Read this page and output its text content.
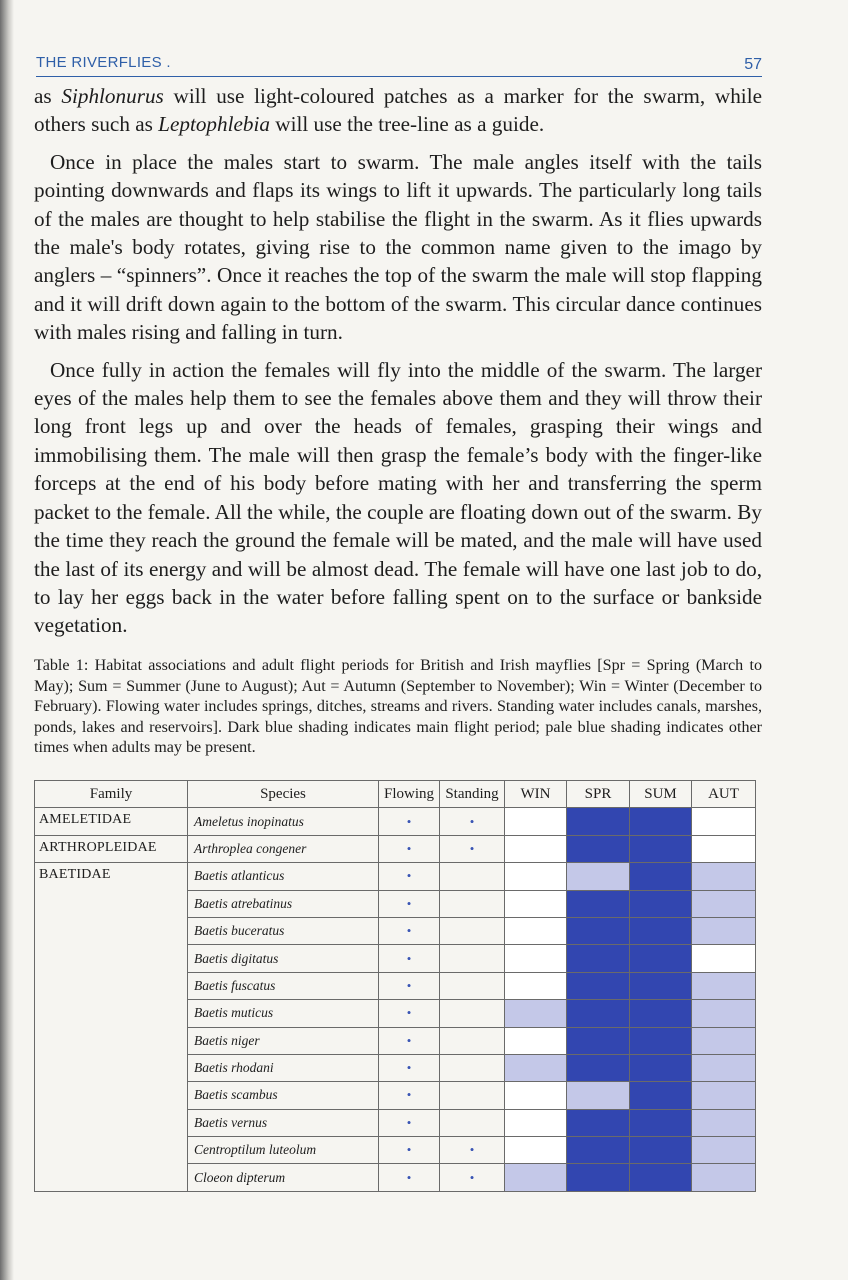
THE RIVERFLIES .	57

as Siphlonurus will use light-coloured patches as a marker for the swarm, while others such as Leptophlebia will use the tree-line as a guide.

Once in place the males start to swarm. The male angles itself with the tails pointing downwards and flaps its wings to lift it upwards. The particularly long tails of the males are thought to help stabilise the flight in the swarm. As it flies upwards the male's body rotates, giving rise to the common name given to the imago by anglers – “spinners”. Once it reaches the top of the swarm the male will stop flapping and it will drift down again to the bottom of the swarm. This circular dance continues with males rising and falling in turn.

Once fully in action the females will fly into the middle of the swarm. The larger eyes of the males help them to see the females above them and they will throw their long front legs up and over the heads of females, grasping their wings and immobilising them. The male will then grasp the female’s body with the finger-like forceps at the end of his body before mating with her and transferring the sperm packet to the female. All the while, the couple are floating down out of the swarm. By the time they reach the ground the female will be mated, and the male will have used the last of its energy and will be almost dead. The female will have one last job to do, to lay her eggs back in the water before falling spent on to the surface or bankside vegetation.

Table 1: Habitat associations and adult flight periods for British and Irish mayflies [Spr = Spring (March to May); Sum = Summer (June to August); Aut = Autumn (September to November); Win = Winter (December to February). Flowing water includes springs, ditches, streams and rivers. Standing water includes canals, marshes, ponds, lakes and reservoirs]. Dark blue shading indicates main flight period; pale blue shading indicates other times when adults may be present.

Family	Species	Flowing	Standing	WIN	SPR	SUM	AUT
AMELETIDAE	Ameletus inopinatus	•	•				
ARTHROPLEIDAE	Arthroplea congener	•	•				
BAETIDAE	Baetis atlanticus	•					
	Baetis atrebatinus	•					
	Baetis buceratus	•					
	Baetis digitatus	•					
	Baetis fuscatus	•					
	Baetis muticus	•					
	Baetis niger	•					
	Baetis rhodani	•					
	Baetis scambus	•					
	Baetis vernus	•					
	Centroptilum luteolum	•	•				
	Cloeon dipterum	•	•				
